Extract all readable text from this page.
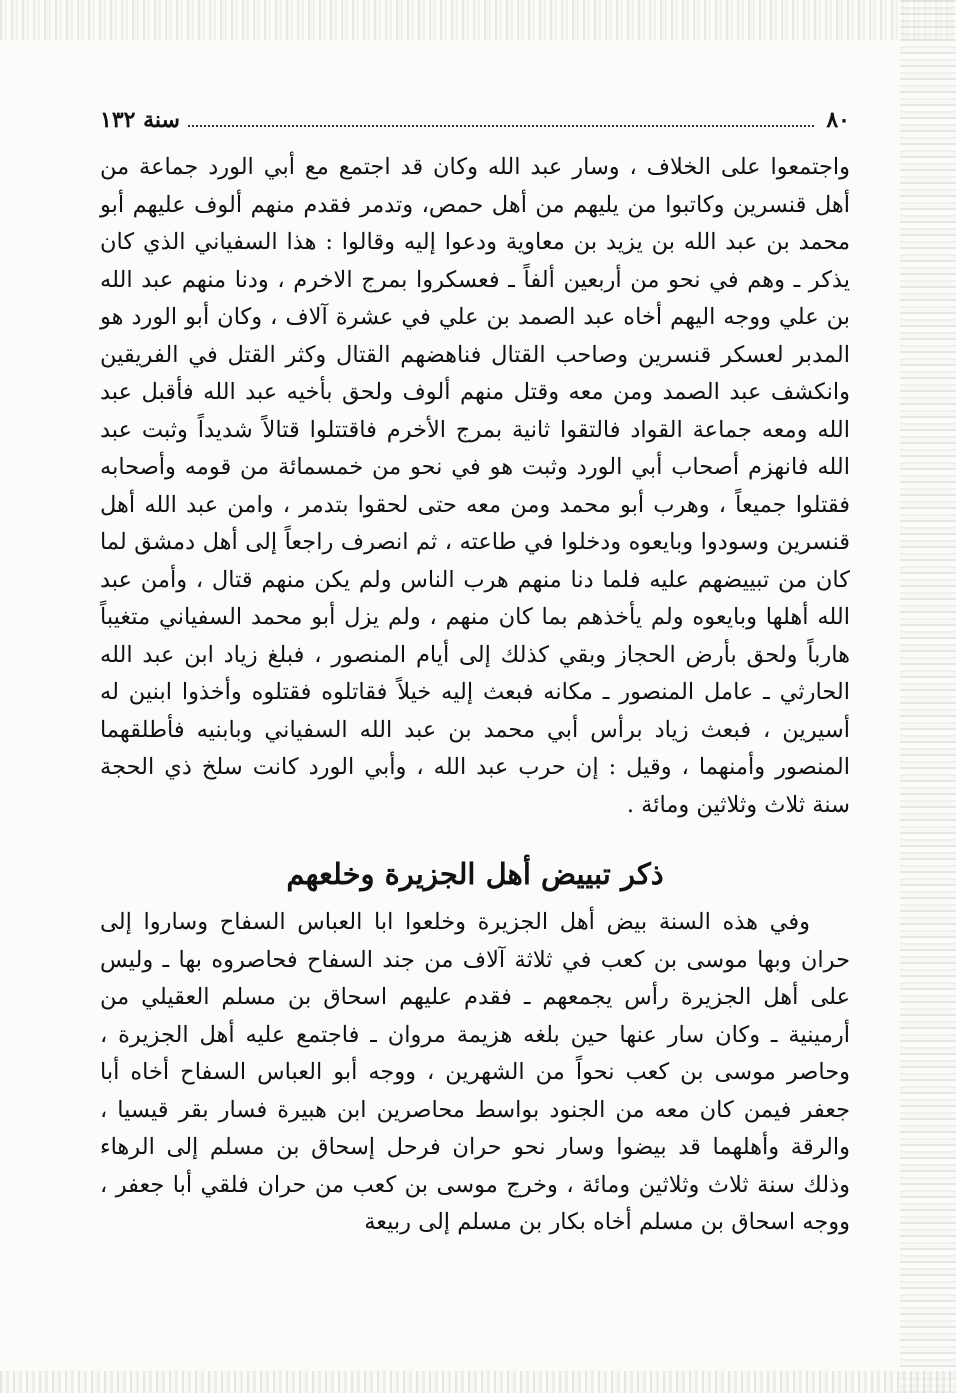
٨٠
سنة ١٣٢

واجتمعوا على الخلاف ، وسار عبد الله وكان قد اجتمع مع أبي الورد جماعة من أهل قنسرين وكاتبوا من يليهم من أهل حمص، وتدمر فقدم منهم ألوف عليهم أبو محمد بن عبد الله بن يزيد بن معاوية ودعوا إليه وقالوا : هذا السفياني الذي كان يذكر ـ وهم في نحو من أربعين ألفاً ـ فعسكروا بمرج الاخرم ، ودنا منهم عبد الله بن علي ووجه اليهم أخاه عبد الصمد بن علي في عشرة آلاف ، وكان أبو الورد هو المدبر لعسكر قنسرين وصاحب القتال فناهضهم القتال وكثر القتل في الفريقين وانكشف عبد الصمد ومن معه وقتل منهم ألوف ولحق بأخيه عبد الله فأقبل عبد الله ومعه جماعة القواد فالتقوا ثانية بمرج الأخرم فاقتتلوا قتالاً شديداً وثبت عبد الله فانهزم أصحاب أبي الورد وثبت هو في نحو من خمسمائة من قومه وأصحابه فقتلوا جميعاً ، وهرب أبو محمد ومن معه حتى لحقوا بتدمر ، وامن عبد الله أهل قنسرين وسودوا وبايعوه ودخلوا في طاعته ، ثم انصرف راجعاً إلى أهل دمشق لما كان من تبييضهم عليه فلما دنا منهم هرب الناس ولم يكن منهم قتال ، وأمن عبد الله أهلها وبايعوه ولم يأخذهم بما كان منهم ، ولم يزل أبو محمد السفياني متغيباً هارباً ولحق بأرض الحجاز وبقي كذلك إلى أيام المنصور ، فبلغ زياد ابن عبد الله الحارثي ـ عامل المنصور ـ مكانه فبعث إليه خيلاً فقاتلوه فقتلوه وأخذوا ابنين له أسيرين ، فبعث زياد برأس أبي محمد بن عبد الله السفياني وبابنيه فأطلقهما المنصور وأمنهما ، وقيل : إن حرب عبد الله ، وأبي الورد كانت سلخ ذي الحجة سنة ثلاث وثلاثين ومائة .

ذكر تبييض أهل الجزيرة وخلعهم

وفي هذه السنة بيض أهل الجزيرة وخلعوا ابا العباس السفاح وساروا إلى حران وبها موسى بن كعب في ثلاثة آلاف من جند السفاح فحاصروه بها ـ وليس على أهل الجزيرة رأس يجمعهم ـ فقدم عليهم اسحاق بن مسلم العقيلي من أرمينية ـ وكان سار عنها حين بلغه هزيمة مروان ـ فاجتمع عليه أهل الجزيرة ، وحاصر موسى بن كعب نحواً من الشهرين ، ووجه أبو العباس السفاح أخاه أبا جعفر فيمن كان معه من الجنود بواسط محاصرين ابن هبيرة فسار بقر قيسيا ، والرقة وأهلهما قد بيضوا وسار نحو حران فرحل إسحاق بن مسلم إلى الرهاء وذلك سنة ثلاث وثلاثين ومائة ، وخرج موسى بن كعب من حران فلقي أبا جعفر ، ووجه اسحاق بن مسلم أخاه بكار بن مسلم إلى ربيعة
